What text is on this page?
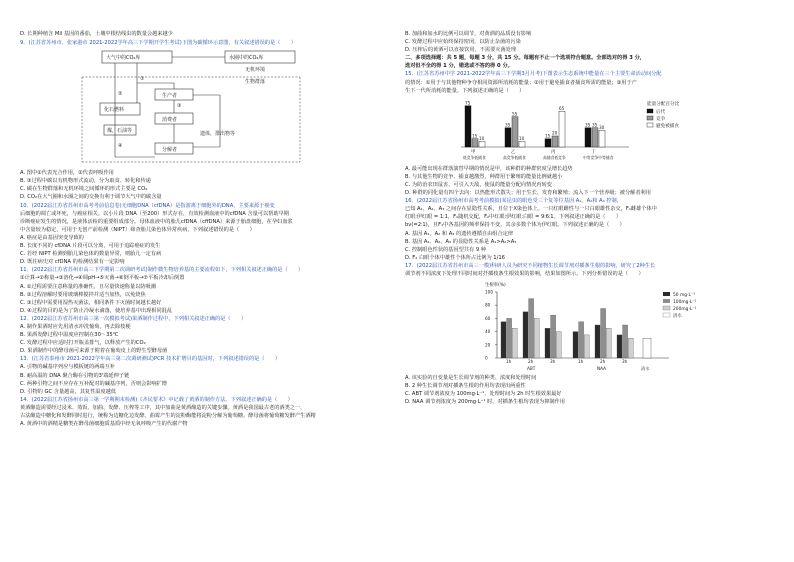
D. 长期种植含 Mil 基因的番茄，土壤中根结线虫的数量会越来越少
9．(江苏省苏州市、张家港市 2021-2022学年高三下学期开学生考试)下图为碳循环示意图，有关叙述错误的是（　　）
大气中的CO₂库	水圈中的CO₂库
无机环境
生物群落
生产者
消费者
分解者
化石燃料
煤，石油等	遗体，排出物等
①
②
③
④
A. 图中①代表光合作用，②代表呼吸作用
B. ③过程中碳以有机物形式流动，分为取食、转化和传递
C. 碳在生物群落和无机环境之间循环的形式主要是 CO₂
D. CO₂在大气圈和水圈之间的交换有利于调节大气中的碳含量
10．(2022届江苏省苏州市高考考前信息卷)无细胞DNA（cfDNA）是指游离于细胞外的DNA，主要来源于癌变
后细胞的凋亡或坏死，与癌症相关。以小片段 DNA（至200）形式存在，有效检测血液中的cfDNA 含量可以帮助早期
诊断癌症发生的情况，是液体活检的重要组成部分。母体血液中的胎儿cfDNA（cffDNA）来源于胎盘细胞，在孕妇血浆
中含量较为稳定，可用于无创产前检测（NIPT）筛查胎儿染色体异常疾病。下列叙述错误的是（　　）
A. 癌症是由基因突变导致的
B. 长度不同的 cfDNA 片段可以分离，可用于追踪癌症的发生
C. 若经 NIPT 检测到胎儿染色体的数量异常，则胎儿一定有病
D. 既往病史对 cfDNA 的检测结果有一定影响
11．(2022届江苏省苏州市高三下学期第二次调研考试)制作微生物培养基的主要流程如下，下列相关叙述正确的是（　　）
①计算→②称量→③溶化→④调pH→⑤灭菌→⑥倒平板→⑦平板冷却后倒置
A. ①过程需要注意称量的准确性，且尽量快速称量以防吸潮
B. ②过程溶解时要用玻璃棒搅拌并适当加热，以免烧焦
C. ③过程中需要用湿热灭菌法，相同条件下灭菌时间越长越好
D. ④过程的目的是为了防止冷凝水滴落，使培养基中出现相同混乱
12．(2022届江苏省苏州市高三第一次模拟考试)果酒制作过程中，下列相关叙述正确的是（　　）
A. 制作果酒时应先用清水冲洗葡萄，再去除枝梗
B. 果酒发酵过程中温度应控制在30～35℃
C. 发酵过程中应适时打开瓶盖排气，以释放产生的CO₂
D. 果酒制作中的酵母菌可来源于附着在葡萄皮上的野生型酵母菌
13．(江苏省泰州市 2021-2022学年高三第二次调研测试)PCR 技术扩增目的基因时，下列叙述错误的是（　　）
A. 引物的碱基序列应与模板链的两端互补
B. 耐高温的 DNA 聚合酶在引物的3'端延伸子链
C. 两种引物之间不应存在互补配对的碱基序列，否则会影响扩增
D. 引物的 GC 含量越高，其复性温度越低
14．(2022届江苏省扬州市高三第一学期期末检测)《齐民要术》中记载了黄酒的制作方法。下列叙述正确的是（　　）
黄酒酿造需要经过浸米、蒸饭、加曲、发酵、压榨等工序，其中加曲是黄酒酿造的关键步骤。黄酒是我国最古老的酒类之一，
古法酿造中糖化和发酵同时进行，统称为边糖化边发酵。曲霉产生的淀粉酶能将淀粉分解为葡萄糖，酵母菌将葡萄糖发酵产生酒精
A. 黄酒中的酒精是糖类在酵母菌细胞质基质中经无氧呼吸产生的代谢产物
B. 加曲和加水的比例可以调节，对黄酒的品质没有影响
C. 发酵过程中应始终保持密闭，以防止杂菌的污染
D. 压榨后的黄酒可以直接饮用，不需要灭菌处理
二、多项选择题：共 5 题，每题 3 分，共 15 分。每题有不止一个选项符合题意。全部选对的得 3 分，
选对但不全的得 1 分，错选或不答的得 0 分。
15．(江苏省苏州中学 2021-2022学年高三下学期3月月考)下图表示生态系统中能量在三个主要生命活动间分配
的情况：①用于与其他物种争夺相同资源所消耗的能量；②用于避免捕食者捕食所需的能量；③用于产
生下一代所消耗的能量。下列叙述正确的是（　　）
能量分配百分比
后代
竞争
避免被捕食
75
15
10
甲
低竞争低捕食
35
55
10
乙
高竞争低捕食
15
20
65
丙
高捕食低竞争
35 35
30
丁
中等竞争中等捕食
A. 最可能出现在群落演替早期的情况是甲，该种群的种群密度呈增长趋势
B. 与其他生物的竞争、捕食越激烈，种群用于繁殖的能量比例就越小
C. 为防治农田鼠害，可引入天敌，使鼠的能量分配向情况丙转变
D. 种群的同化量有四个去向：以热能形式散失；用于生长、发育和繁殖；流入下一个营养级；被分解者利用
16．(2022届江苏省扬州市高考考前模拟)某昆虫的眼色受三个复等位基因 A₁、A₂和 A₃ 控制，
已知 A₁、A₂、A₃ 之间存在显隐性关系，且位于X染色体上。一只红眼雌性与一只白眼雄性杂交，F₁雌雄个体中
红眼∶伊红眼 = 1∶1，F₁随机交配，F₂中红眼∶伊红眼∶白眼 = 9∶6∶1。下列叙述正确的是（　　）
bv(=2∶1)，且F₁中各基因的频率保持不变，其余多数个体为伊红眼。下列叙述正确的是（　　）
A. 基因 A₁、A₂ 和 A₃ 的遗传遵循自由组合定律
B. 基因 A₁、A₂、A₃ 的显隐性关系是 A₁>A₂>A₃
C. 控制眼色性状的基因型共有 9 种
D. F₂ 白眼个体中雄性个体所占比例为 1/16
17．(2022届江苏省苏州市高三一模)科研人员为研究不同植物生长调节剂对插条生根的影响，研究了2种生长
调节剂不同浓度下处理不同时间对扦插枝条生根效果的影响，结果如图所示。下列分析错误的是（　　）
生根率(%)
50 mg·L⁻¹
100mg·L⁻¹
200mg·L⁻¹
清水
100
80
60
40
20
0
1h	2h	3h	1h	2h	3h
ABT	NAA	清水
A. 该实验的自变量是生长调节剂的种类、浓度和处理时间
B. 2 种生长调节剂对插条生根的作用均表现出两重性
C. ABT 调节剂浓度为 100mg·L⁻¹、处理时间为 2h 时生根效果最好
D. NAA 调节剂浓度为 200mg·L⁻¹ 时，对插条生根均表现为抑制作用
